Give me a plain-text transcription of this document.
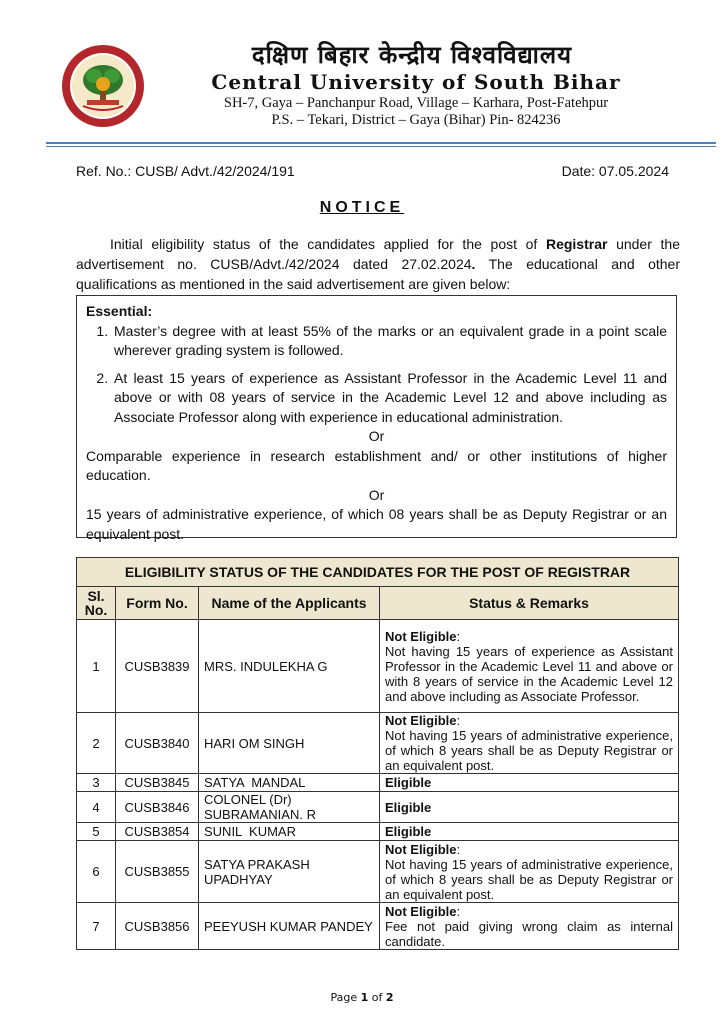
दक्षिण बिहार केन्द्रीय विश्वविद्यालय
Central University of South Bihar
SH-7, Gaya – Panchanpur Road, Village – Karhara, Post-Fatehpur
P.S. – Tekari, District – Gaya (Bihar) Pin- 824236
Ref. No.: CUSB/ Advt./42/2024/191	Date: 07.05.2024
NOTICE

Initial eligibility status of the candidates applied for the post of Registrar under the advertisement no. CUSB/Advt./42/2024 dated 27.02.2024. The educational and other qualifications as mentioned in the said advertisement are given below:

Essential:
1. Master’s degree with at least 55% of the marks or an equivalent grade in a point scale wherever grading system is followed.
2. At least 15 years of experience as Assistant Professor in the Academic Level 11 and above or with 08 years of service in the Academic Level 12 and above including as Associate Professor along with experience in educational administration.
Or
Comparable experience in research establishment and/ or other institutions of higher education.
Or
15 years of administrative experience, of which 08 years shall be as Deputy Registrar or an equivalent post.
ELIGIBILITY STATUS OF THE CANDIDATES FOR THE POST OF REGISTRAR			
Sl. No.	Form No.	Name of the Applicants	Status & Remarks
1	CUSB3839	MRS. INDULEKHA G	Not Eligible:
Not having 15 years of experience as Assistant Professor in the Academic Level 11 and above or with 8 years of service in the Academic Level 12 and above including as Associate Professor.
2	CUSB3840	HARI OM SINGH	Not Eligible:
Not having 15 years of administrative experience, of which 8 years shall be as Deputy Registrar or an equivalent post.
3	CUSB3845	SATYA  MANDAL	Eligible
4	CUSB3846	COLONEL (Dr) SUBRAMANIAN. R	Eligible
5	CUSB3854	SUNIL  KUMAR	Eligible
6	CUSB3855	SATYA PRAKASH UPADHYAY	Not Eligible:
Not having 15 years of administrative experience, of which 8 years shall be as Deputy Registrar or an equivalent post.
7	CUSB3856	PEEYUSH KUMAR PANDEY	Not Eligible:
Fee not paid giving wrong claim as internal candidate.
Page 1 of 2
